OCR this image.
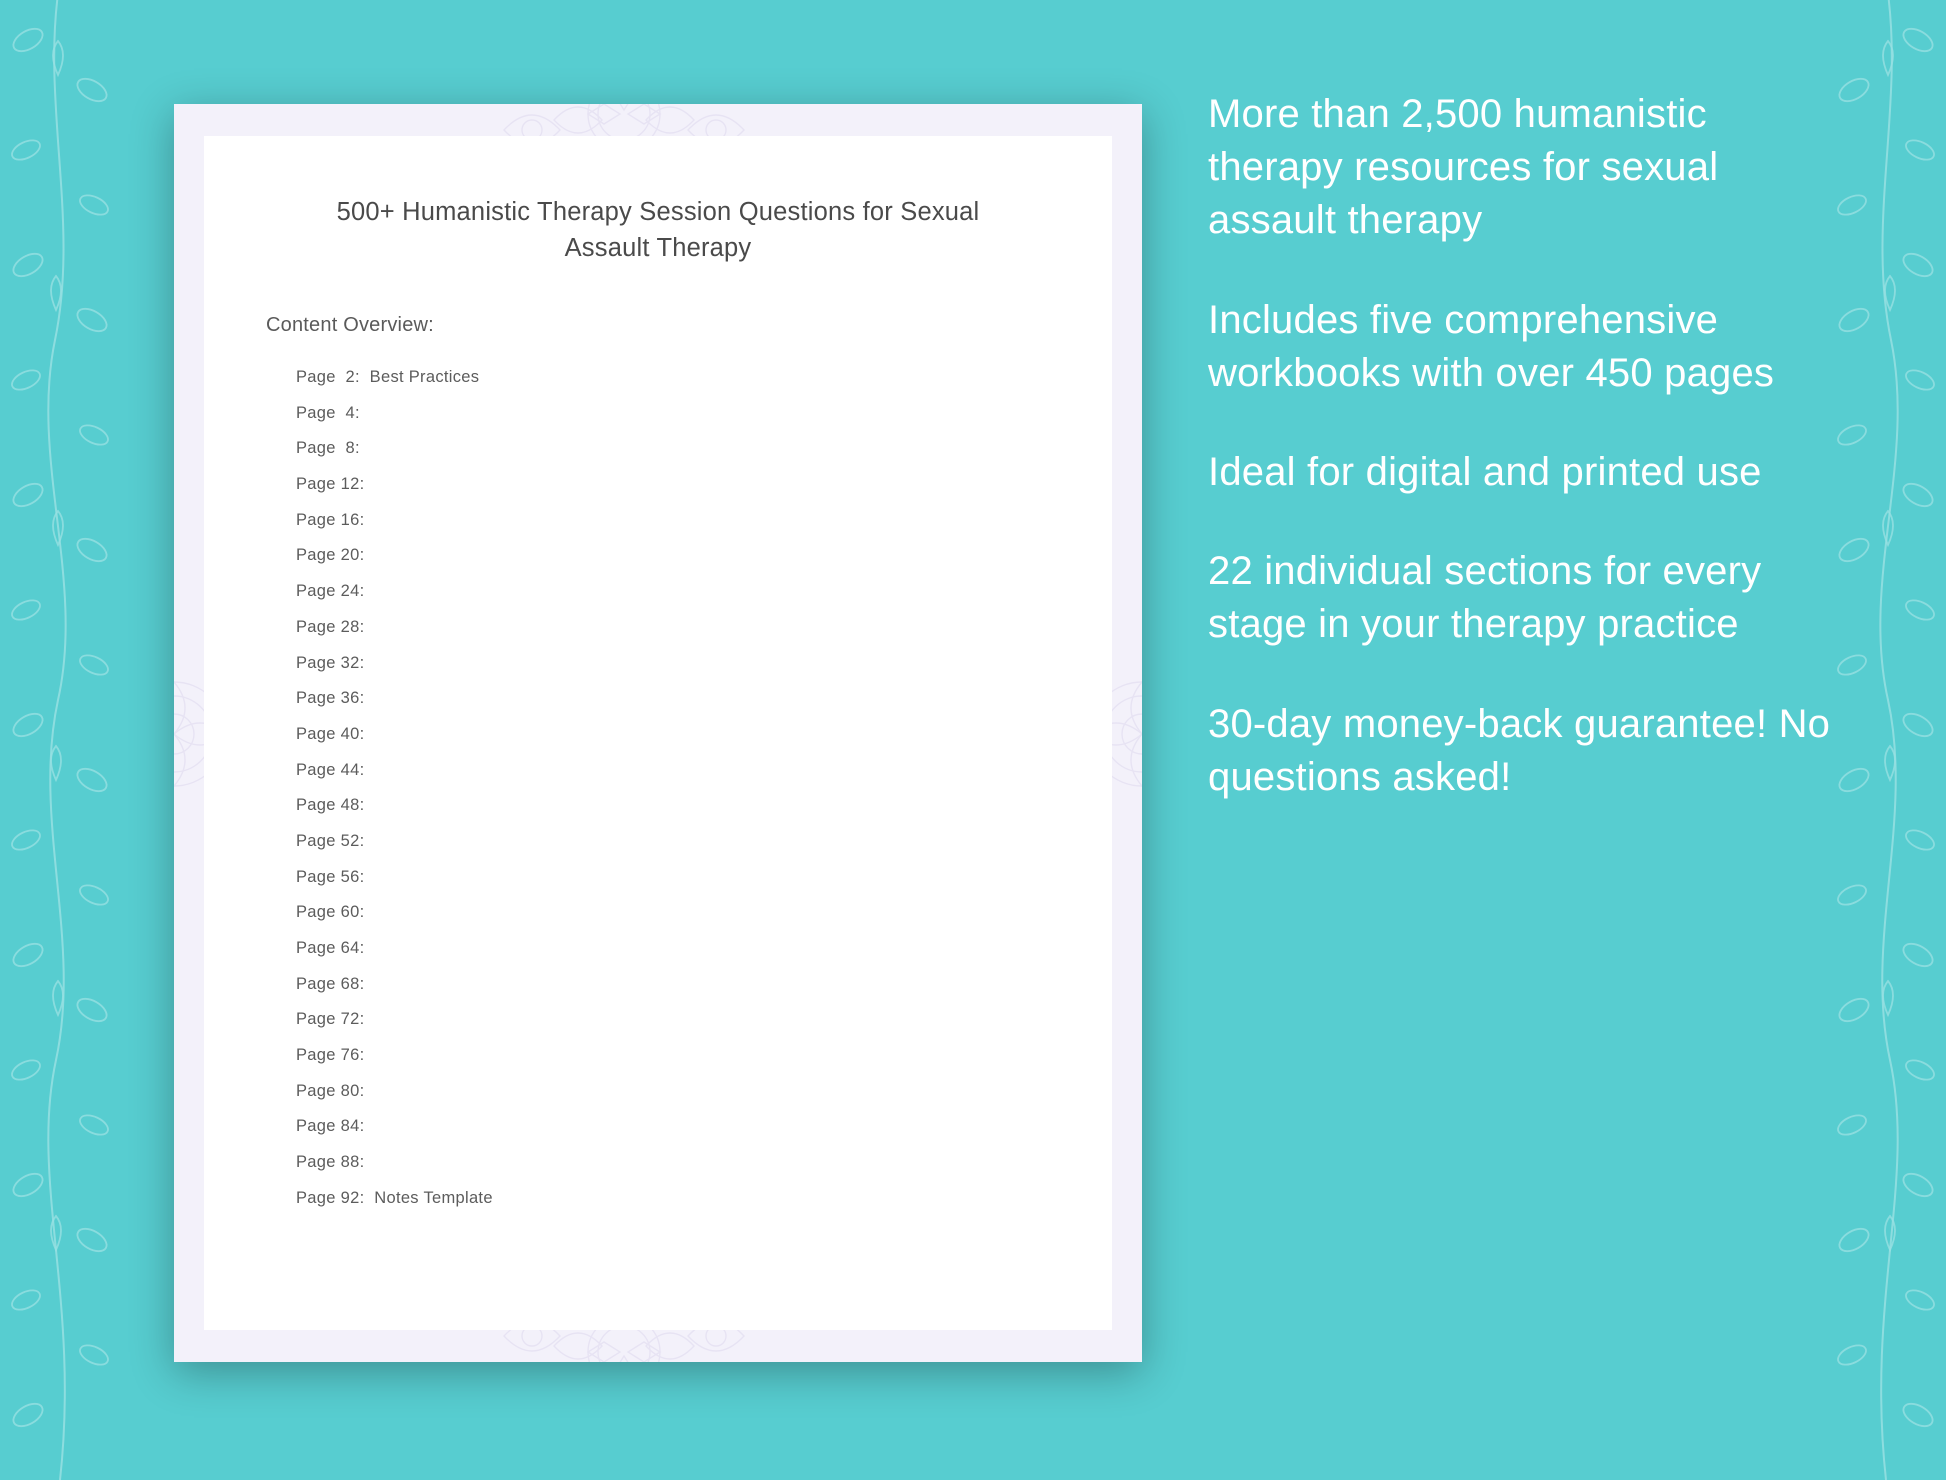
500+ Humanistic Therapy Session Questions for Sexual Assault Therapy
Content Overview:
Page  2: Best Practices
Page  4:
Page  8:
Page 12:
Page 16:
Page 20:
Page 24:
Page 28:
Page 32:
Page 36:
Page 40:
Page 44:
Page 48:
Page 52:
Page 56:
Page 60:
Page 64:
Page 68:
Page 72:
Page 76:
Page 80:
Page 84:
Page 88:
Page 92: Notes Template
More than 2,500 humanistic therapy resources for sexual assault therapy
Includes five comprehensive workbooks with over 450 pages
Ideal for digital and printed use
22 individual sections for every stage in your therapy practice
30-day money-back guarantee! No questions asked!
